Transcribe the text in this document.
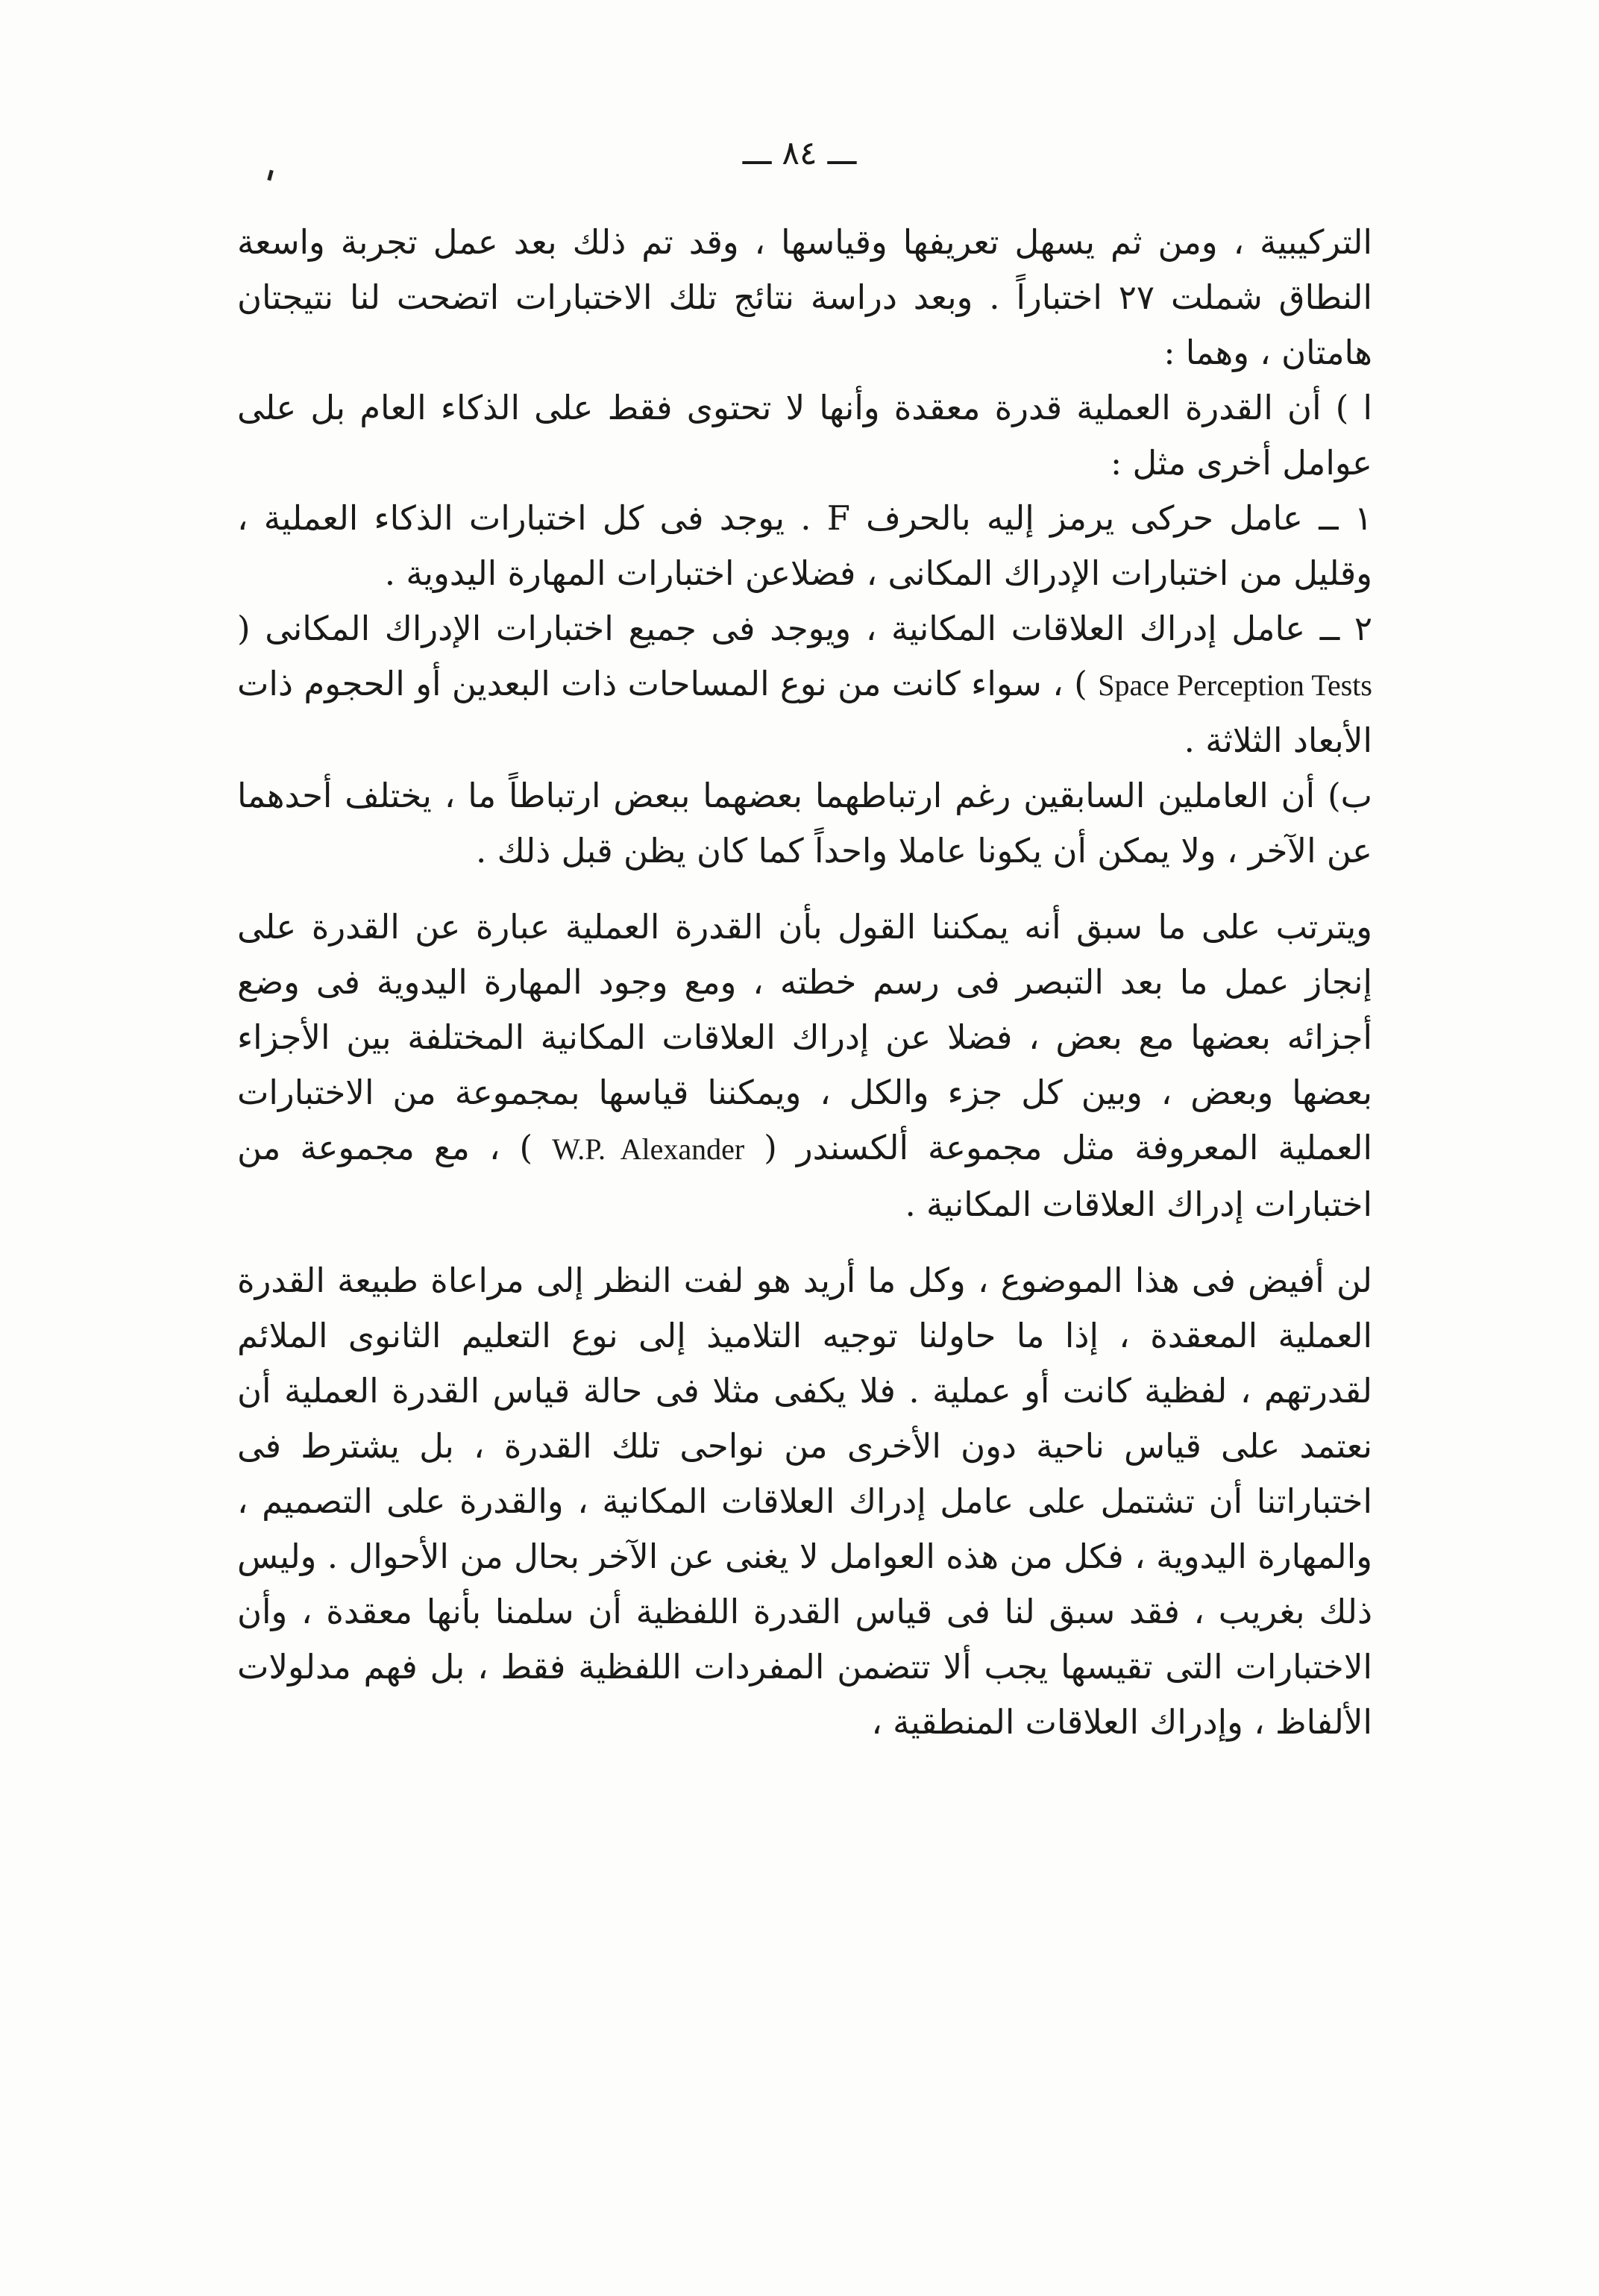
ـــ ٨٤ ـــ

التركيبية ، ومن ثم يسهل تعريفها وقياسها ، وقد تم ذلك بعد عمل تجربة واسعة النطاق شملت ٢٧ اختباراً . وبعد دراسة نتائج تلك الاختبارات اتضحت لنا نتيجتان هامتان ، وهما :

ا ) أن القدرة العملية قدرة معقدة وأنها لا تحتوى فقط على الذكاء العام بل على عوامل أخرى مثل :

١ ــ عامل حركى يرمز إليه بالحرف F . يوجد فى كل اختبارات الذكاء العملية ، وقليل من اختبارات الإدراك المكانى ، فضلاعن اختبارات المهارة اليدوية .

٢ ــ عامل إدراك العلاقات المكانية ، ويوجد فى جميع اختبارات الإدراك المكانى ( Space Perception Tests ) ، سواء كانت من نوع المساحات ذات البعدين أو الحجوم ذات الأبعاد الثلاثة .

ب) أن العاملين السابقين رغم ارتباطهما بعضهما ببعض ارتباطاً ما ، يختلف أحدهما عن الآخر ، ولا يمكن أن يكونا عاملا واحداً كما كان يظن قبل ذلك .

ويترتب على ما سبق أنه يمكننا القول بأن القدرة العملية عبارة عن القدرة على إنجاز عمل ما بعد التبصر فى رسم خطته ، ومع وجود المهارة اليدوية فى وضع أجزائه بعضها مع بعض ، فضلا عن إدراك العلاقات المكانية المختلفة بين الأجزاء بعضها وبعض ، وبين كل جزء والكل ، ويمكننا قياسها بمجموعة من الاختبارات العملية المعروفة مثل مجموعة ألكسندر ( W.P. Alexander ) ، مع مجموعة من اختبارات إدراك العلاقات المكانية .

لن أفيض فى هذا الموضوع ، وكل ما أريد هو لفت النظر إلى مراعاة طبيعة القدرة العملية المعقدة ، إذا ما حاولنا توجيه التلاميذ إلى نوع التعليم الثانوى الملائم لقدرتهم ، لفظية كانت أو عملية . فلا يكفى مثلا فى حالة قياس القدرة العملية أن نعتمد على قياس ناحية دون الأخرى من نواحى تلك القدرة ، بل يشترط فى اختباراتنا أن تشتمل على عامل إدراك العلاقات المكانية ، والقدرة على التصميم ، والمهارة اليدوية ، فكل من هذه العوامل لا يغنى عن الآخر بحال من الأحوال . وليس ذلك بغريب ، فقد سبق لنا فى قياس القدرة اللفظية أن سلمنا بأنها معقدة ، وأن الاختبارات التى تقيسها يجب ألا تتضمن المفردات اللفظية فقط ، بل فهم مدلولات الألفاظ ، وإدراك العلاقات المنطقية ،
